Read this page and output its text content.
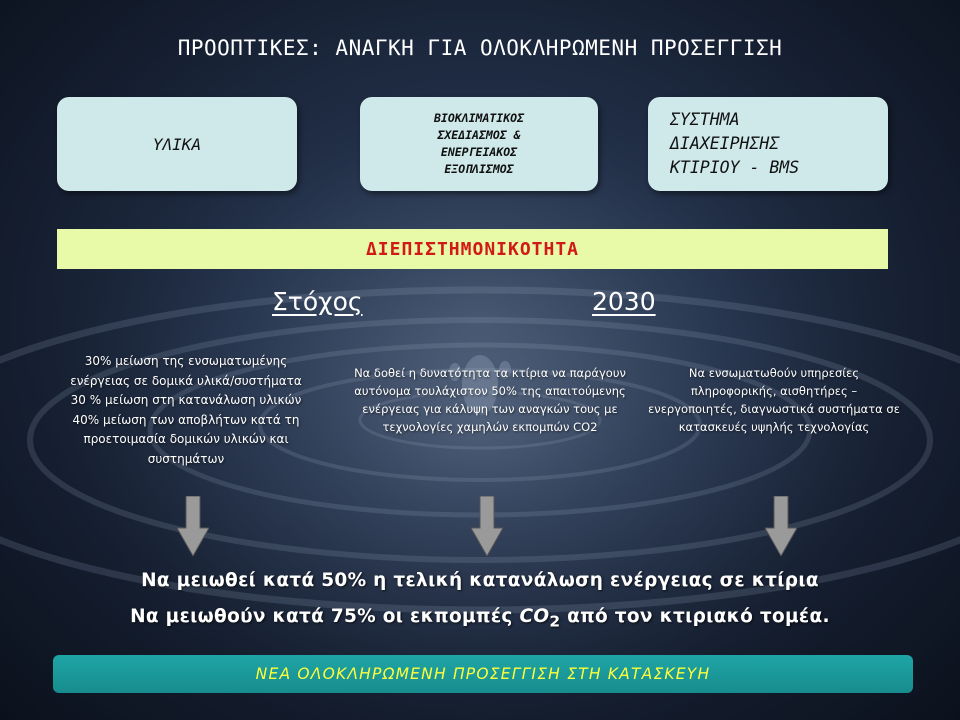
ΠΡΟΟΠΤΙΚΕΣ: ΑΝΑΓΚΗ ΓΙΑ ΟΛΟΚΛΗΡΩΜΕΝΗ ΠΡΟΣΕΓΓΙΣΗ
ΥΛΙΚΑ
ΒΙΟΚΛΙΜΑΤΙΚΟΣ
ΣΧΕΔΙΑΣΜΟΣ &
ΕΝΕΡΓΕΙΑΚΟΣ
ΕΞΟΠΛΙΣΜΟΣ
ΣΥΣΤΗΜΑ
ΔΙΑΧΕΙΡΗΣΗΣ
ΚΤΙΡΙΟΥ - BMS
ΔΙΕΠΙΣΤΗΜΟΝΙΚΟΤΗΤΑ
Στόχος	2030

30% μείωση της ενσωματωμένης ενέργειας σε δομικά υλικά/συστήματα

30 % μείωση στη κατανάλωση υλικών

40% μείωση των αποβλήτων κατά τη προετοιμασία δομικών υλικών και συστημάτων

Να δοθεί η δυνατότητα τα κτίρια να παράγουν αυτόνομα τουλάχιστον 50% της απαιτούμενης ενέργειας για κάλυψη των αναγκών τους με τεχνολογίες χαμηλών εκπομπών CO2

Να ενσωματωθούν υπηρεσίες πληροφορικής, αισθητήρες – ενεργοποιητές, διαγνωστικά συστήματα σε κατασκευές υψηλής τεχνολογίας

Να μειωθεί κατά 50% η τελική κατανάλωση ενέργειας σε κτίρια
Να μειωθούν κατά 75% οι εκπομπές $CO_2$ από τον κτιριακό τομέα.
ΝΕΑ ΟΛΟΚΛΗΡΩΜΕΝΗ ΠΡΟΣΕΓΓΙΣΗ ΣΤΗ ΚΑΤΑΣΚΕΥΗ
